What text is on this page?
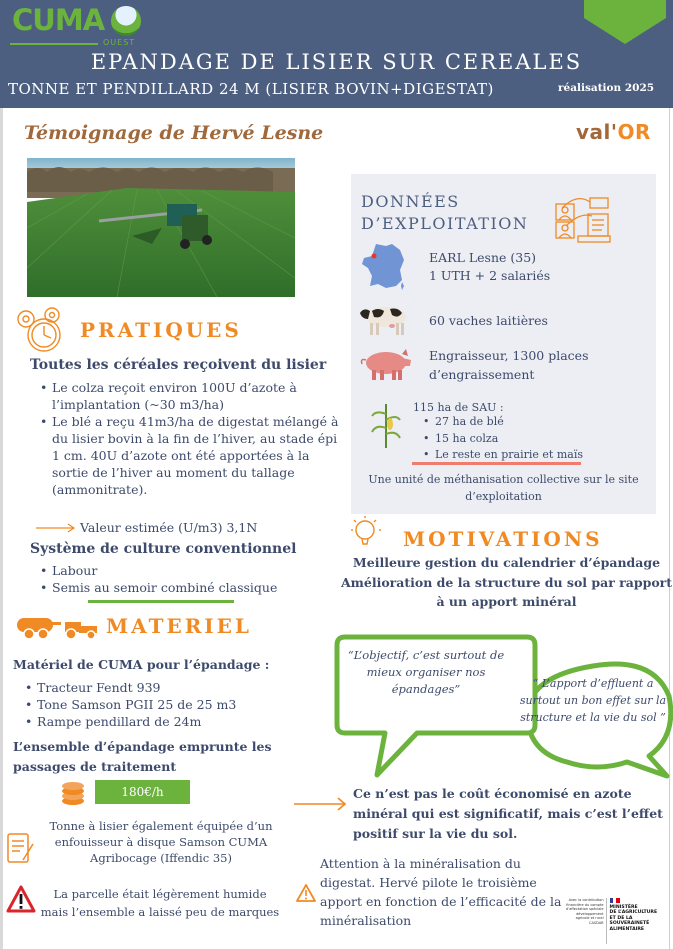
CUMA
OUEST
EPANDAGE DE LISIER SUR CEREALES
TONNE ET PENDILLARD 24 M (LISIER BOVIN+DIGESTAT)	réalisation 2025
Témoignage de Hervé Lesne	val'OR
PRATIQUES
Toutes les céréales reçoivent du lisier
• Le colza reçoit environ 100U d’azote à l’implantation (~30 m3/ha)
• Le blé a reçu 41m3/ha de digestat mélangé à du lisier bovin à la fin de l’hiver, au stade épi 1 cm. 40U d’azote ont été apportées à la sortie de l’hiver au moment du tallage (ammonitrate).
Valeur estimée (U/m3) 3,1N
Système de culture conventionnel
• Labour
• Semis au semoir combiné classique
MATERIEL
Matériel de CUMA pour l’épandage :
• Tracteur Fendt 939
• Tone Samson PGII 25 de 25 m3
• Rampe pendillard de 24m
L’ensemble d’épandage emprunte les passages de traitement
180€/h
Tonne à lisier également équipée d’un enfouisseur à disque Samson CUMA Agribocage (Iffendic 35)
La parcelle était légèrement humide mais l’ensemble a laissé peu de marques
DONNÉES
D’EXPLOITATION
EARL Lesne (35)
1 UTH + 2 salariés
60 vaches laitières
Engraisseur, 1300 places
d’engraissement
115 ha de SAU :
• 27 ha de blé
• 15 ha colza
• Le reste en prairie et maïs
Une unité de méthanisation collective sur le site d’exploitation
MOTIVATIONS
Meilleure gestion du calendrier d’épandage
Amélioration de la structure du sol par rapport à un apport minéral
“L’objectif, c’est surtout de mieux organiser nos épandages”	“ L’apport d’effluent a surtout un bon effet sur la structure et la vie du sol ”
Ce n’est pas le coût économisé en azote minéral qui est significatif, mais c’est l’effet positif sur la vie du sol.
Attention à la minéralisation du digestat. Hervé pilote le troisième apport en fonction de l’efficacité de la minéralisation
Avec la contribution financière du compte d’affectation spéciale développement agricole et rural CASDAR
MINISTÈRE
DE L’AGRICULTURE
ET DE LA SOUVERAINETÉ
ALIMENTAIRE
